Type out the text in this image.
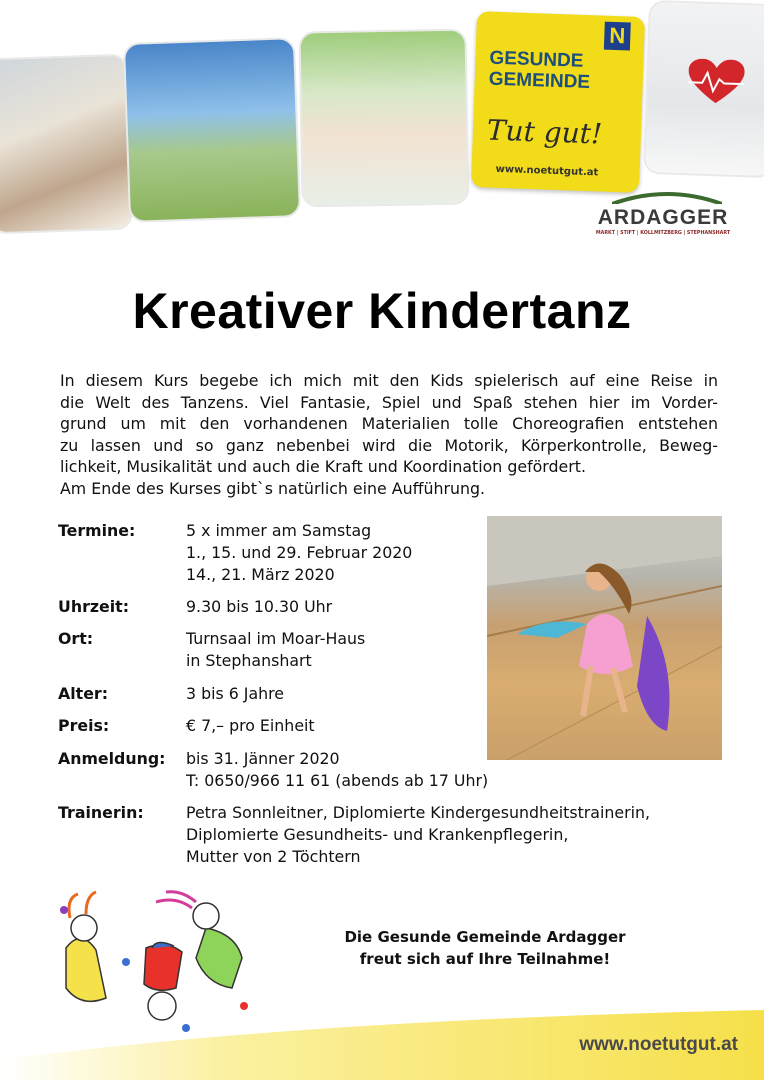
N
GESUNDE
GEMEINDE
Tut gut!
www.noetutgut.at
ARDAGGER
MARKT | STIFT | KOLLMITZBERG | STEPHANSHART
Kreativer Kindertanz
In diesem Kurs begebe ich mich mit den Kids spielerisch auf eine Reise in
die Welt des Tanzens. Viel Fantasie, Spiel und Spaß stehen hier im Vorder-
grund um mit den vorhandenen Materialien tolle Choreografien entstehen
zu lassen und so ganz nebenbei wird die Motorik, Körperkontrolle, Beweg-
lichkeit, Musikalität und auch die Kraft und Koordination gefördert.
Am Ende des Kurses gibt`s natürlich eine Aufführung.
Termine:	5 x immer am Samstag
1., 15. und 29. Februar 2020
14., 21. März 2020
Uhrzeit:	9.30 bis 10.30 Uhr
Ort:	Turnsaal im Moar-Haus
in Stephanshart
Alter:	3 bis 6 Jahre
Preis:	€ 7,– pro Einheit
Anmeldung: bis 31. Jänner 2020
T: 0650/966 11 61 (abends ab 17 Uhr)
Trainerin:	Petra Sonnleitner, Diplomierte Kindergesundheitstrainerin,
Diplomierte Gesundheits- und Krankenpflegerin,
Mutter von 2 Töchtern
Die Gesunde Gemeinde Ardagger
freut sich auf Ihre Teilnahme!
www.noetutgut.at
